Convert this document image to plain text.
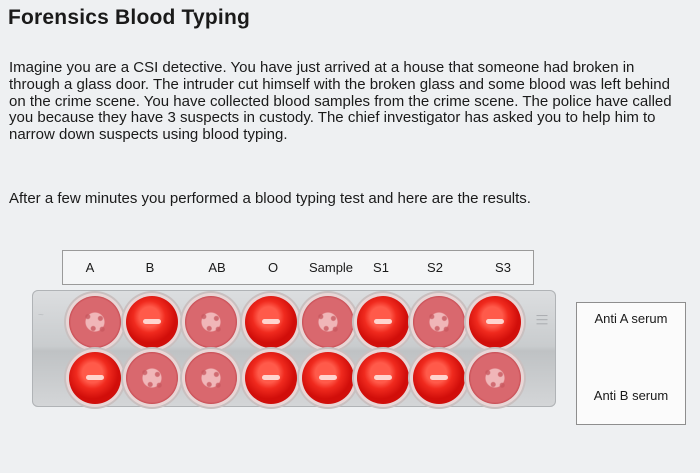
Forensics Blood Typing
Imagine you are a CSI detective. You have just arrived at a house that someone had broken in through a glass door. The intruder cut himself with the broken glass and some blood was left behind on the crime scene. You have collected blood samples from the crime scene. The police have called you because they have 3 suspects in custody. The chief investigator has asked you to help him to narrow down suspects using blood typing.
After a few minutes you performed a blood typing test and here are the results.
A	B	AB	O Sample S1	S2	S3
~	|||	Anti A serum
Anti B serum
